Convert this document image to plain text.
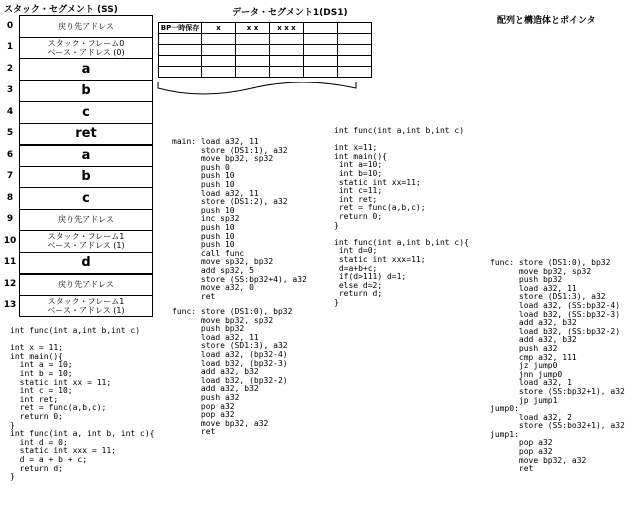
スタック・セグメント (SS)	データ・セグメント1(DS1)
配列と構造体とポインタ
0	戻り先アドレス
1	スタック・フレーム0
ベース・アドレス (0)
2	a
3	b
4	c
5	ret
6	a
7	b
8	c
9	戻り先アドレス
10	スタック・フレーム1
ベース・アドレス (1)
11	d
12	戻り先アドレス
13	スタック・フレーム1
ベース・アドレス (1)
BP一時保存	x	x x	x x x		

int func(int a,int b,int c)

int x = 11;
int main(){
int a = 10;
int b = 10;
static int xx = 11;
int c = 10;
int ret;
ret = func(a,b,c);
return 0;
}
int func(int a, int b, int c){
int d = 0;
static int xxx = 11;
d = a + b + c;
return d;
}
main: load a32, 11
store (DS1:1), a32
move bp32, sp32
push 0
push 10
push 10
load a32, 11
store (DS1:2), a32
push 10
inc sp32
push 10
push 10
push 10
call func
move sp32, bp32
add sp32, 5
store (SS:bp32+4), a32
move a32, 0
ret
func: store (DS1:0), bp32
move bp32, sp32
push bp32
load a32, 11
store (SD1:3), a32
load a32, (bp32-4)
load b32, (bp32-3)
add a32, b32
load b32, (bp32-2)
add a32, b32
push a32
pop a32
pop a32
move bp32, a32
ret
int func(int a,int b,int c)

int x=11;
int main(){
int a=10;
int b=10;
static int xx=11;
int c=11;
int ret;
ret = func(a,b,c);
return 0;
}

int func(int a,int b,int c){
int d=0;
static int xxx=11;
d=a+b+c;
if(d>111) d=1;
else d=2;
return d;
}
func: store (DS1:0), bp32
move bp32, sp32
push bp32
load a32, 11
store (DS1:3), a32
load a32, (SS:bp32-4)
load b32, (SS:bp32-3)
add a32, b32
load b32, (SS:bp32-2)
add a32, b32
push a32
cmp a32, 111
jz jump0
jnn jump0
load a32, 1
store (SS:bp32+1), a32
jp jump1
jump0:
load a32, 2
store (SS:bo32+1), a32
jump1:
pop a32
pop a32
move bp32, a32
ret
